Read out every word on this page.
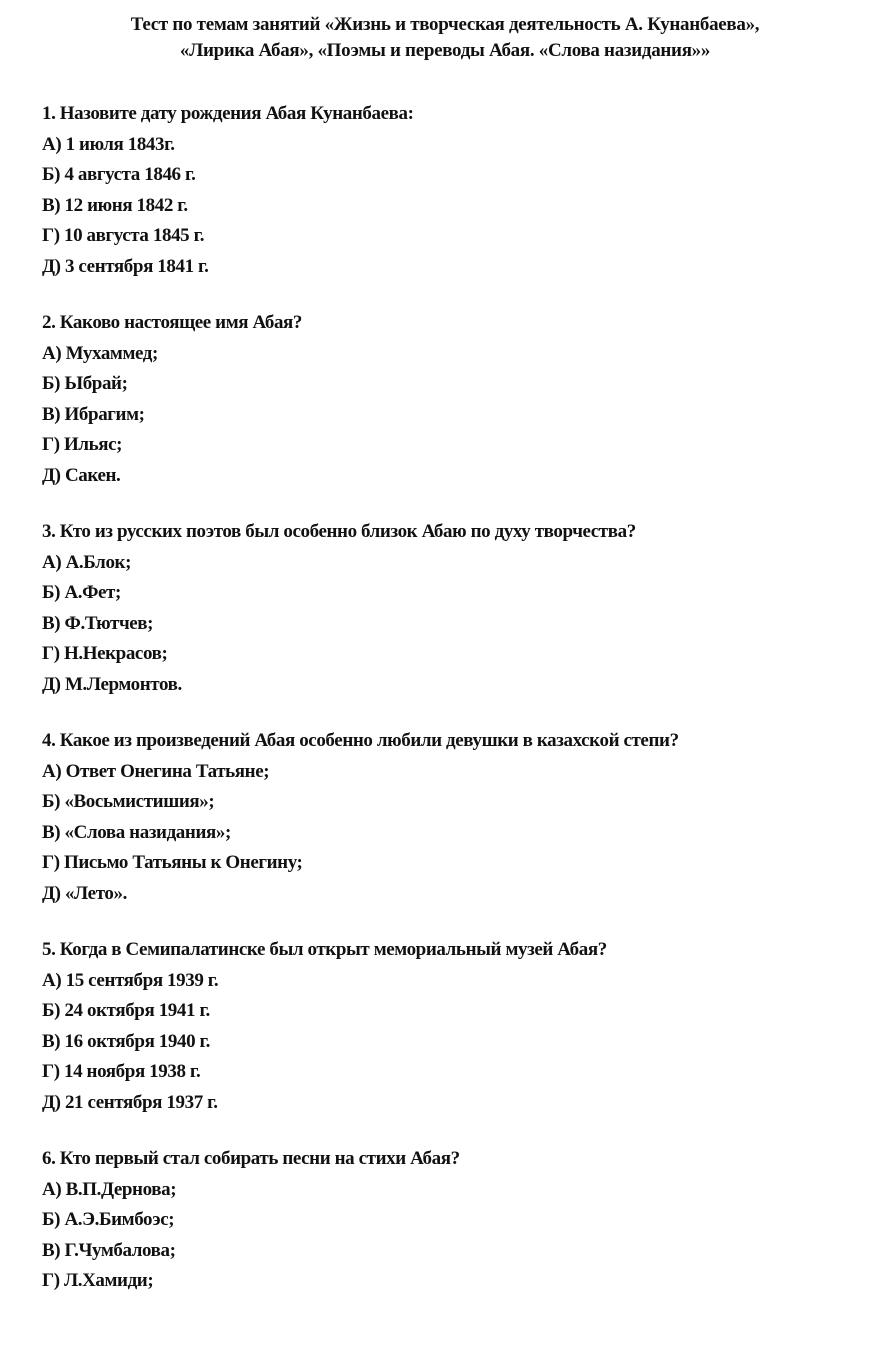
Тест по темам занятий «Жизнь и творческая деятельность А. Кунанбаева»,
«Лирика Абая», «Поэмы и переводы Абая. «Слова назидания»»
1. Назовите дату рождения Абая Кунанбаева:
А) 1 июля 1843г.
Б) 4 августа 1846 г.
В) 12 июня 1842 г.
Г) 10 августа 1845 г.
Д) 3 сентября 1841 г.
2. Каково настоящее имя Абая?
А) Мухаммед;
Б) Ыбрай;
В) Ибрагим;
Г) Ильяс;
Д) Сакен.
3. Кто из русских поэтов был особенно близок Абаю по духу творчества?
А) А.Блок;
Б) А.Фет;
В) Ф.Тютчев;
Г) Н.Некрасов;
Д) М.Лермонтов.
4. Какое из произведений Абая особенно любили девушки в казахской степи?
А) Ответ Онегина Татьяне;
Б) «Восьмистишия»;
В) «Слова назидания»;
Г) Письмо Татьяны к Онегину;
Д) «Лето».
5. Когда в Семипалатинске был открыт мемориальный музей Абая?
А) 15 сентября 1939 г.
Б) 24 октября 1941 г.
В) 16 октября 1940 г.
Г) 14 ноября 1938 г.
Д) 21 сентября 1937 г.
6. Кто первый стал собирать песни на стихи Абая?
А) В.П.Дернова;
Б) А.Э.Бимбоэс;
В) Г.Чумбалова;
Г) Л.Хамиди;
